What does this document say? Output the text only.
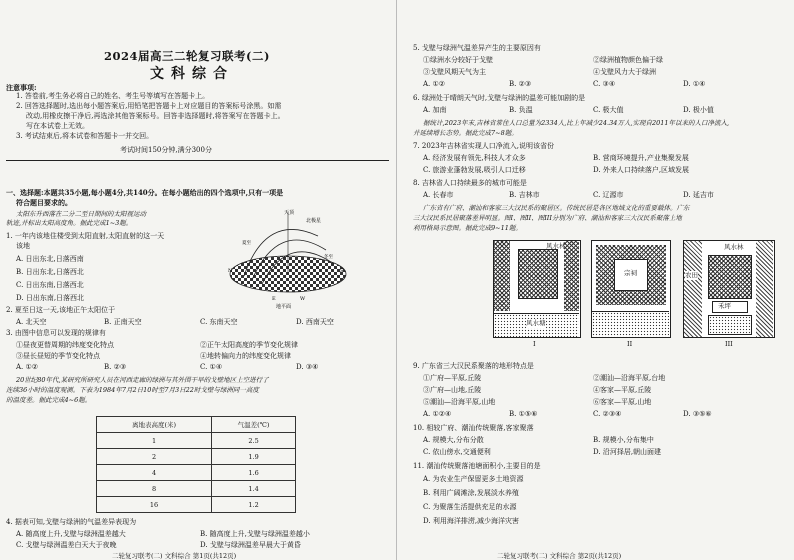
2024届高三二轮复习联考(二)
文科综合
注意事项:
1. 答卷前,考生务必将自己的姓名、考生号等填写在答题卡上。
2. 回答选择题时,选出每小题答案后,用铅笔把答题卡上对应题目的答案标号涂黑。如需
改动,用橡皮擦干净后,再选涂其他答案标号。回答非选择题时,将答案写在答题卡上。
写在本试卷上无效。
3. 考试结束后,将本试卷和答题卡一并交回。
考试时间150分钟,满分300分
一、选择题:本题共35小题,每小题4分,共140分。在每小题给出的四个选项中,只有一项是
符合题目要求的。
太阳东升西落在二分二至日期间的太阳视运动
轨迹,并标出太阳高度角。据此完成1~3题。
天顶
北极星
N	S
E	W
地平面
夏至
冬至
1. 一年内该地住楼受到太阳直射,太阳直射的这一天
该地
A. 日出东北,日落西南
B. 日出东北,日落西北
C. 日出东南,日落西北
D. 日出东南,日落西北
2. 夏至日这一天,该地正午太阳位于
A. 北天空	B. 正南天空	C. 东南天空	D. 西南天空
3. 由图中信息可以发现的规律有
①昼夜更替周期的纬度变化特点	②正午太阳高度的季节变化规律
③昼长昼短的季节变化特点	④地转偏向力的纬度变化规律
A. ①②	B. ②③	C. ①④	D. ③④
20世纪80年代,某研究所研究人员在河西走廊的绿洲与其外围干旱的戈壁地区上空进行了
连续36小时的温度观测。下表为1984年7月2日10时至7月3日22时戈壁与绿洲同一高度
的温度差。据此完成4~6题。
离地表高度(米)	气温差(℃)
1	2.5
2	1.9
4	1.6
8	1.4
16	1.2
4. 据表可知,戈壁与绿洲的气温差异表现为
A. 随高度上升,戈壁与绿洲温差越大	B. 随高度上升,戈壁与绿洲温差越小
C. 戈壁与绿洲温差白天大于夜晚	D. 戈壁与绿洲温差早晨大于黄昏
二轮复习联考(二) 文科综合 第1页(共12页)
5. 戈壁与绿洲气温差异产生的主要原因有
①绿洲水分较好于戈壁	②绿洲植物颜色偏于绿
③戈壁风期天气为主	④戈壁风力大于绿洲
A. ①②	B. ②③	C. ③④	D. ①④
6. 绿洲处于晴朗天气时,戈壁与绿洲的温差可能加剧的是
A. 加南	B. 负温	C. 极大值	D. 极小值
据统计,2023年末,吉林省常住人口总量为2334人,比上年减少24.34万人,实现自2011年以来的人口净流入,
并延续增长态势。据此完成7~8题。
7. 2023年吉林省实现人口净流入,说明该省份
A. 经济发展有领先,科技人才众多	B. 营商环境提升,产业集聚发展
C. 旅游业蓬勃发展,吸引人口迁移	D. 外来人口持续落户,区域发展
8. 吉林省人口持续最多的城市可能是
A. 长春市	B. 吉林市	C. 辽源市	D. 延吉市
广东省有广府、潮汕和客家三大汉民系的聚居区。传统民居是各区地域文化的重要载体。广东
三大汉民系民居聚落差异明显。图I、图II、图III分别为广府、潮汕和客家三大汉民系聚落上地
利用格局示意图。据此完成9~11题。
风水林
风水塘
宗祠
风水林
禾坪
农田
I	II	III
9. 广东省三大汉民系聚落的地形特点是
①广府—平原,丘陵	②潮汕—沿海平原,台地
③广府—山地,丘陵	④客家—平原,丘陵
⑤潮汕—沿海平原,山地	⑥客家—平原,山地
A. ①②④	B. ①⑤⑥	C. ②③④	D. ③⑤⑥
10. 相较广府、潮汕传统聚落,客家聚落
A. 规模大,分布分散	B. 规模小,分布集中
C. 依山傍水,交通便利	D. 沿河择居,朝山面建
11. 潮汕传统聚落池塘面积小,主要目的是
A. 为农业生产保留更多土地资源
B. 利用广阔滩涂,发展淡水养殖
C. 为聚落生活提供充足的水源
D. 利用海洋排涝,减少海洋灾害
二轮复习联考(二) 文科综合 第2页(共12页)
